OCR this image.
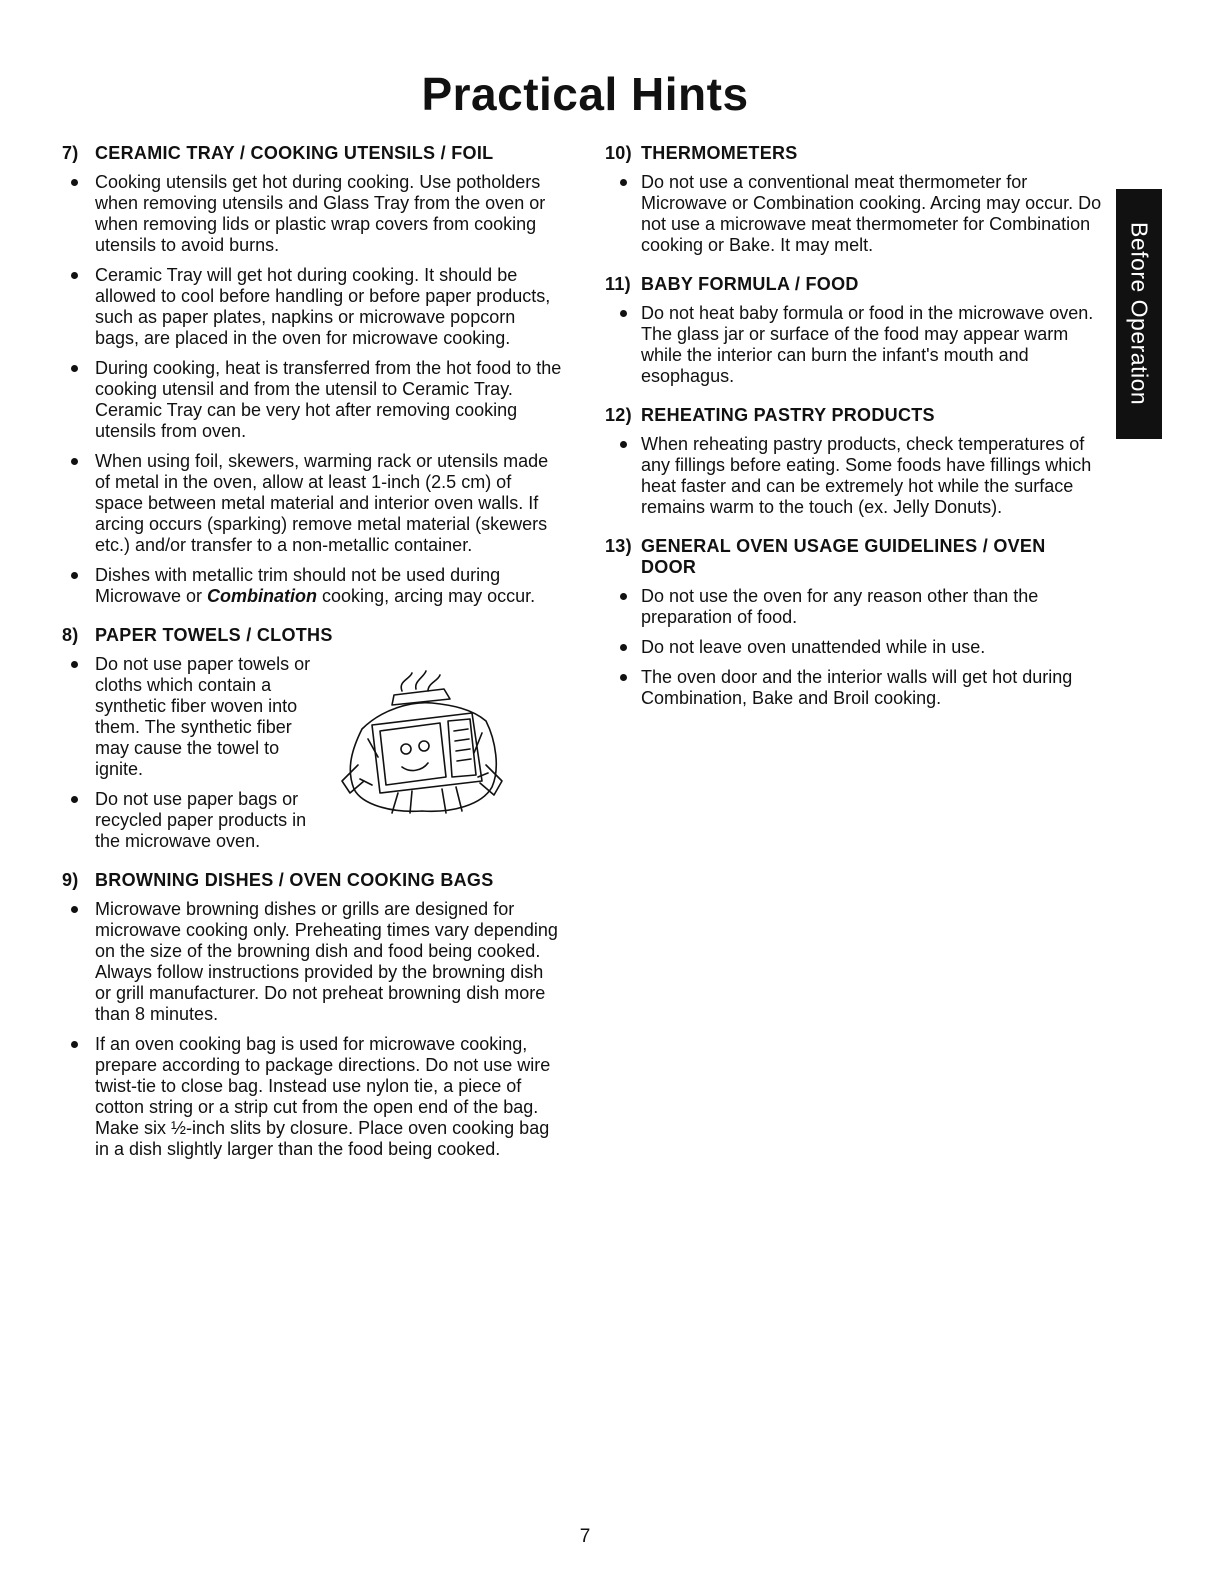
Practical Hints
Before Operation
7) CERAMIC TRAY / COOKING UTENSILS / FOIL
Cooking utensils get hot during cooking. Use potholders when removing utensils and Glass Tray from the oven or when removing lids or plastic wrap covers from cooking utensils to avoid burns.
Ceramic Tray will get hot during cooking. It should be allowed to cool before handling or before paper products, such as paper plates, napkins or microwave popcorn bags, are placed in the oven for microwave cooking.
During cooking, heat is transferred from the hot food to the cooking utensil and from the utensil to Ceramic Tray. Ceramic Tray can be very hot after removing cooking utensils from oven.
When using foil, skewers, warming rack or utensils made of metal in the oven, allow at least 1-inch (2.5 cm) of space between metal material and interior oven walls. If arcing occurs (sparking) remove metal material (skewers etc.) and/or transfer to a non-metallic container.
Dishes with metallic trim should not be used during Microwave or Combination cooking, arcing may occur.
8) PAPER TOWELS / CLOTHS
Do not use paper towels or cloths which contain a synthetic fiber woven into them. The synthetic fiber may cause the towel to ignite.
Do not use paper bags or recycled paper products in the microwave oven.
9) BROWNING DISHES / OVEN COOKING BAGS
Microwave browning dishes or grills are designed for microwave cooking only. Preheating times vary depending on the size of the browning dish and food being cooked. Always follow instructions provided by the browning dish or grill manufacturer. Do not preheat browning dish more than 8 minutes.
If an oven cooking bag is used for microwave cooking, prepare according to package directions. Do not use wire twist-tie to close bag. Instead use nylon tie, a piece of cotton string or a strip cut from the open end of the bag. Make six ½-inch slits by closure. Place oven cooking bag in a dish slightly larger than the food being cooked.
10) THERMOMETERS
Do not use a conventional meat thermometer for Microwave or Combination cooking. Arcing may occur. Do not use a microwave meat thermometer for Combination cooking or Bake. It may melt.
11) BABY FORMULA / FOOD
Do not heat baby formula or food in the microwave oven. The glass jar or surface of the food may appear warm while the interior can burn the infant's mouth and esophagus.
12) REHEATING PASTRY PRODUCTS
When reheating pastry products, check temperatures of any fillings before eating. Some foods have fillings which heat faster and can be extremely hot while the surface remains warm to the touch (ex. Jelly Donuts).
13) GENERAL OVEN USAGE GUIDELINES / OVEN DOOR
Do not use the oven for any reason other than the preparation of food.
Do not leave oven unattended while in use.
The oven door and the interior walls will get hot during Combination, Bake and Broil cooking.
7
